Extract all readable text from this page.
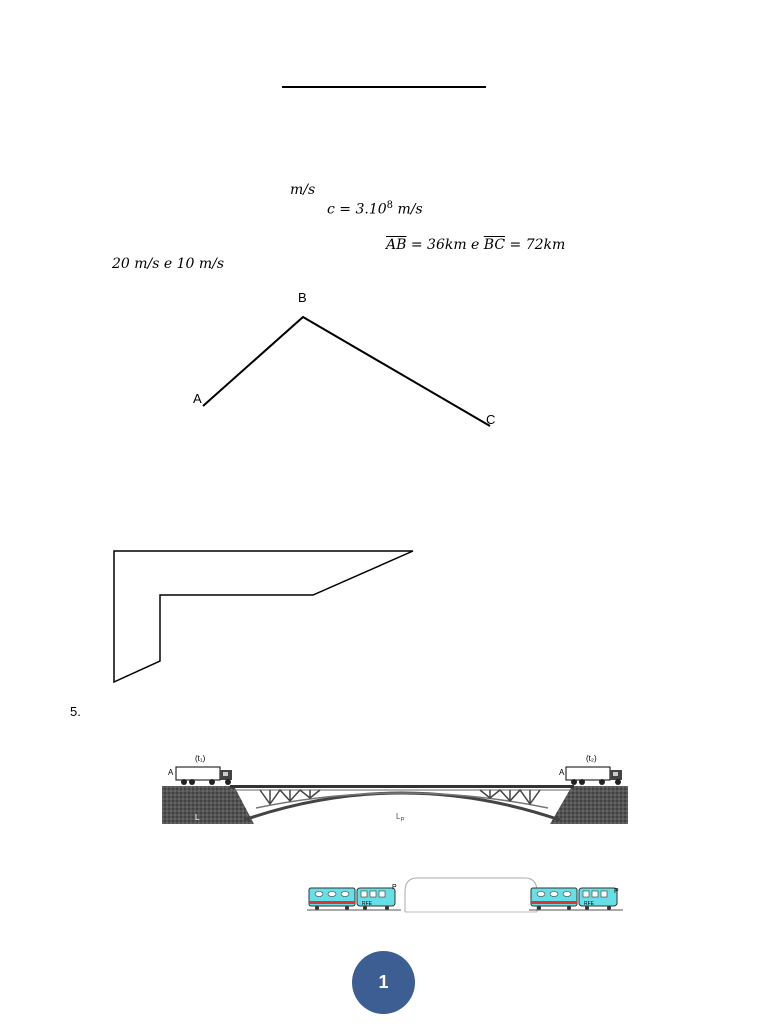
m/s
$c = 3.10^8$ m/s
$\overline{AB} = 36km$ e $\overline{BC} = 72km$
20 m/s e 10 m/s
B
A
C
5.
(t₁)	(t₂)
A	A
L	$L_P$
P
P
RFE	RFE
1
